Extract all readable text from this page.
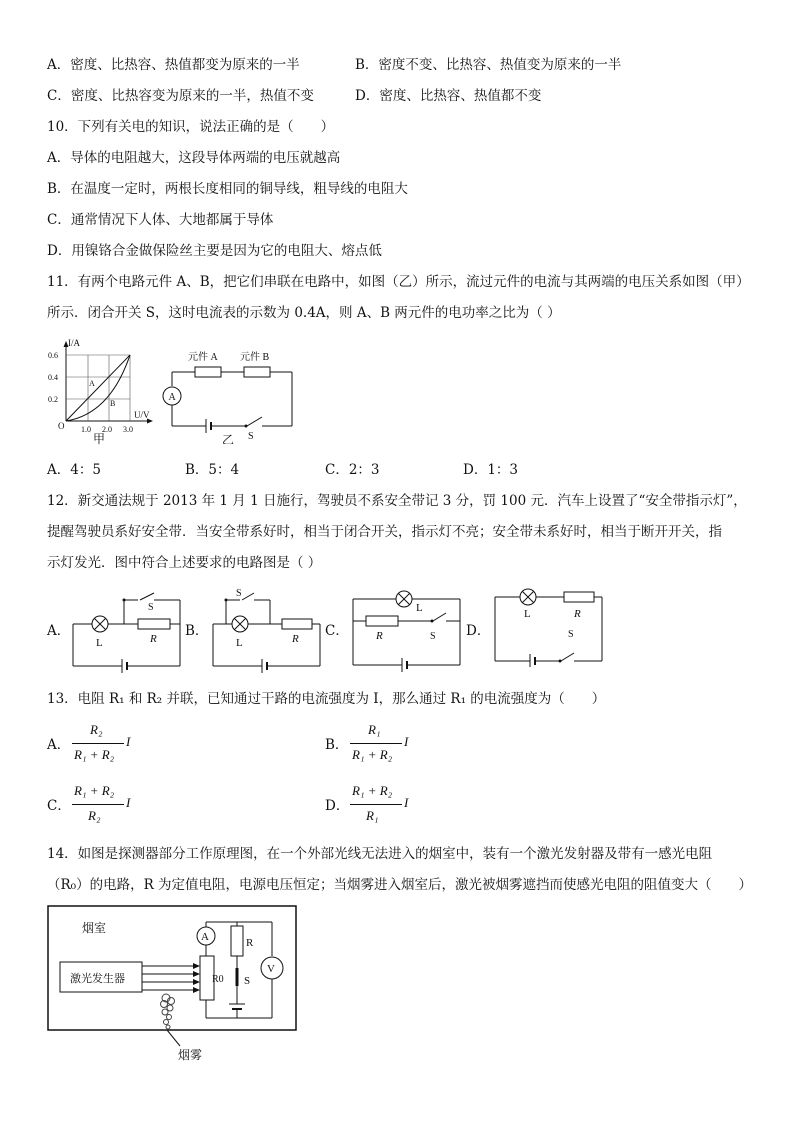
A．密度、比热容、热值都变为原来的一半	B．密度不变、比热容、热值变为原来的一半
C．密度、比热容变为原来的一半，热值不变	D．密度、比热容、热值都不变
10．下列有关电的知识，说法正确的是（　　）
A．导体的电阻越大，这段导体两端的电压就越高
B．在温度一定时，两根长度相同的铜导线，粗导线的电阻大
C．通常情况下人体、大地都属于导体
D．用镍铬合金做保险丝主要是因为它的电阻大、熔点低
11．有两个电路元件 A、B，把它们串联在电路中，如图（乙）所示，流过元件的电流与其两端的电压关系如图（甲）
所示．闭合开关 S，这时电流表的示数为 0.4A，则 A、B 两元件的电功率之比为（ ）
I/A
0.6
0.4
0.2
1.0 2.0 3.0
U/V
O
A
B
甲
元件 A 元件 B
A
S
乙
A．4：5	B．5：4	C．2：3	D．1：3
12．新交通法规于 2013 年 1 月 1 日施行，驾驶员不系安全带记 3 分，罚 100 元．汽车上设置了“安全带指示灯”，
提醒驾驶员系好安全带．当安全带系好时，相当于闭合开关，指示灯不亮；安全带未系好时，相当于断开开关，指
示灯发光．图中符合上述要求的电路图是（ ）
A．	B．	C．	D．
S
L	R
S
L	R
L
R	S
L	R
S
13．电阻 R₁ 和 R₂ 并联，已知通过干路的电流强度为 I，那么通过 R₁ 的电流强度为（　　）
A．
R₂
R₁ + R₂
I	B．
R₁
R₁ + R₂
I
C．
R₁ + R₂
R₂
I	D．
R₁ + R₂
R₁
I
14．如图是探测器部分工作原理图，在一个外部光线无法进入的烟室中，装有一个激光发射器及带有一感光电阻
（R₀）的电路，R 为定值电阻，电源电压恒定；当烟雾进入烟室后，激光被烟雾遮挡而使感光电阻的阻值变大（　　）
烟室
激光发生器	R0
A	R
S
V
烟雾
